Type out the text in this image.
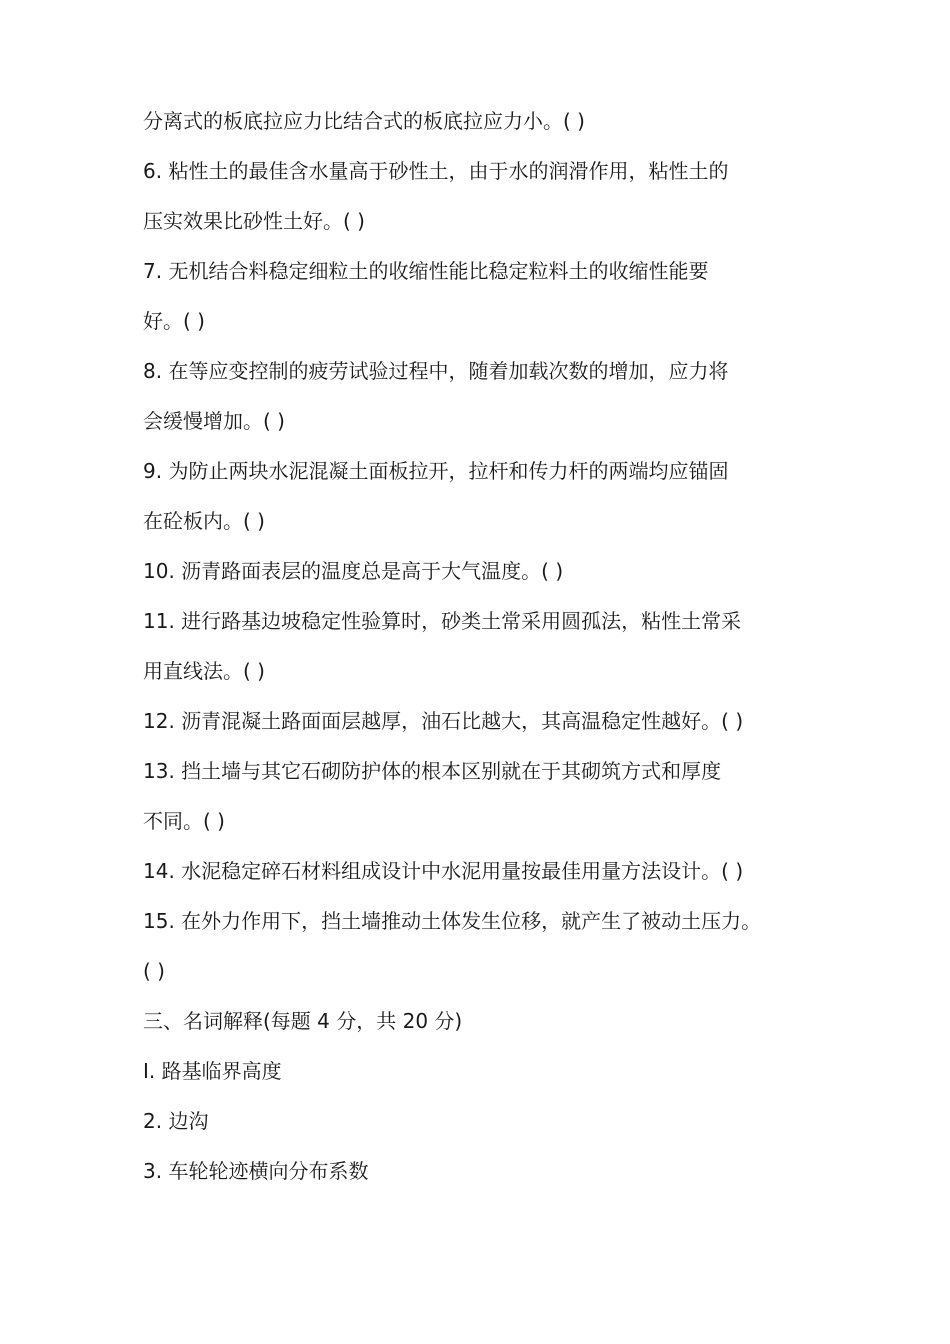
分离式的板底拉应力比结合式的板底拉应力小。( )
6. 粘性土的最佳含水量高于砂性土，由于水的润滑作用，粘性土的
压实效果比砂性土好。( )
7. 无机结合料稳定细粒土的收缩性能比稳定粒料土的收缩性能要
好。( )
8. 在等应变控制的疲劳试验过程中，随着加载次数的增加，应力将
会缓慢增加。( )
9. 为防止两块水泥混凝土面板拉开，拉杆和传力杆的两端均应锚固
在砼板内。( )
10. 沥青路面表层的温度总是高于大气温度。( )
11. 进行路基边坡稳定性验算时，砂类土常采用圆孤法，粘性土常采
用直线法。( )
12. 沥青混凝土路面面层越厚，油石比越大，其高温稳定性越好。( )
13. 挡土墙与其它石砌防护体的根本区别就在于其砌筑方式和厚度
不同。( )
14. 水泥稳定碎石材料组成设计中水泥用量按最佳用量方法设计。( )
15. 在外力作用下，挡土墙推动土体发生位移，就产生了被动土压力。
( )
三、名词解释(每题 4 分，共 20 分)
I. 路基临界高度
2. 边沟
3. 车轮轮迹横向分布系数
